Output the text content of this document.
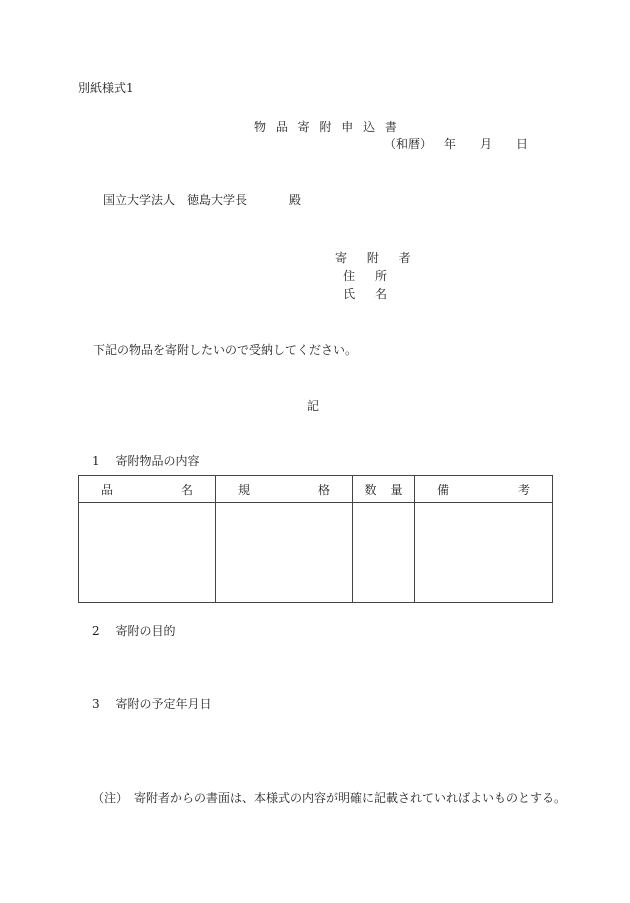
別紙様式1
物 品 寄 附 申 込 書
（和暦） 年 月 日
国立大学法人　徳島大学長	殿
寄 附 者
住 所
氏 名
下記の物品を寄附したいので受納してください。
記
1　 寄附物品の内容
品 名	規 格	数 量	備 考

2　 寄附の目的
3　 寄附の予定年月日
（注）　寄附者からの書面は、本様式の内容が明確に記載されていればよいものとする。
